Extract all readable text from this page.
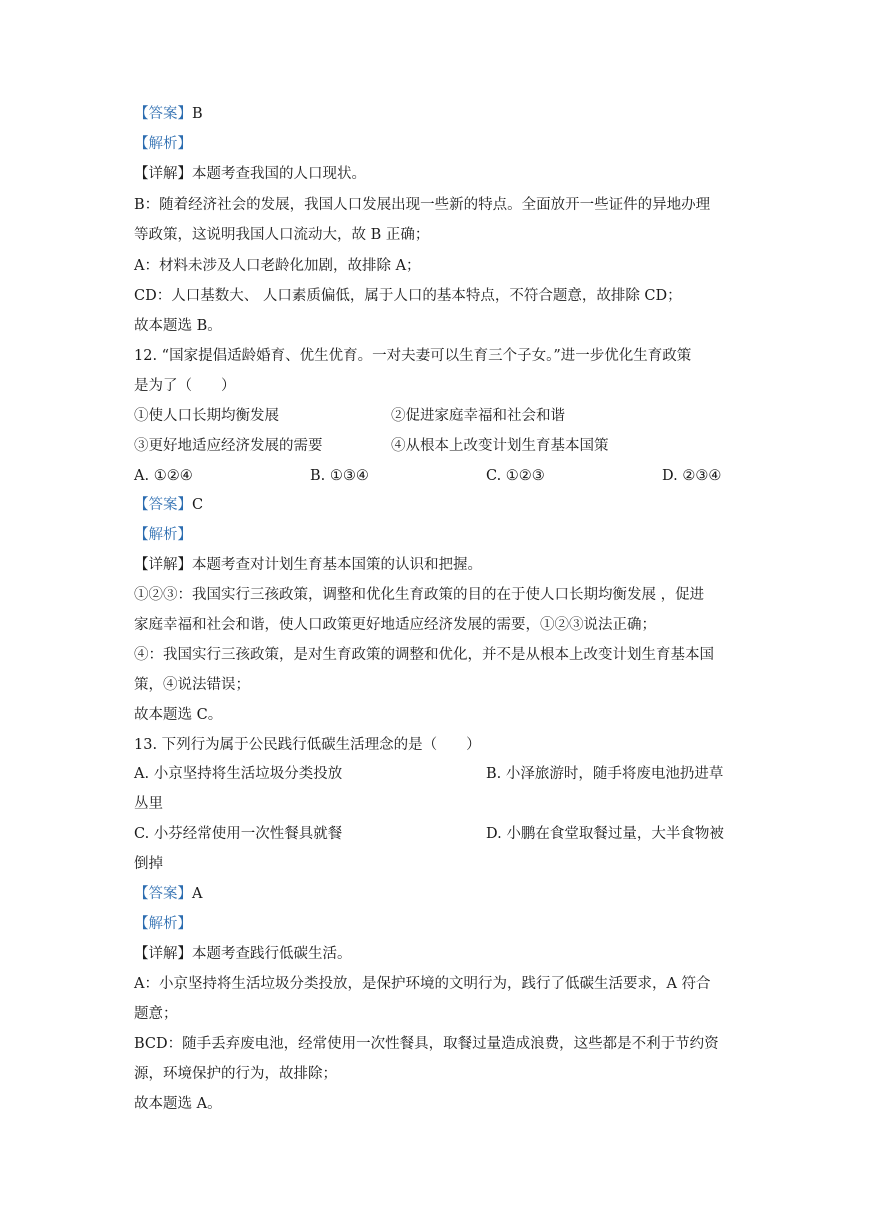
【答案】B
【解析】
【详解】本题考查我国的人口现状。
B：随着经济社会的发展，我国人口发展出现一些新的特点。全面放开一些证件的异地办理
等政策，这说明我国人口流动大，故 B 正确；
A：材料未涉及人口老龄化加剧，故排除 A；
CD：人口基数大、 人口素质偏低，属于人口的基本特点，不符合题意，故排除 CD；
故本题选 B。
12. “国家提倡适龄婚育、优生优育。一对夫妻可以生育三个子女。”进一步优化生育政策
是为了（　　）
①使人口长期均衡发展	②促进家庭幸福和社会和谐
③更好地适应经济发展的需要	④从根本上改变计划生育基本国策
A. ①②④	B. ①③④	C. ①②③	D. ②③④
【答案】C
【解析】
【详解】本题考查对计划生育基本国策的认识和把握。
①②③：我国实行三孩政策，调整和优化生育政策的目的在于使人口长期均衡发展 ，促进
家庭幸福和社会和谐，使人口政策更好地适应经济发展的需要，①②③说法正确；
④：我国实行三孩政策，是对生育政策的调整和优化，并不是从根本上改变计划生育基本国
策，④说法错误；
故本题选 C。
13. 下列行为属于公民践行低碳生活理念的是（　　）
A. 小京坚持将生活垃圾分类投放	B. 小泽旅游时，随手将废电池扔进草
丛里
C. 小芬经常使用一次性餐具就餐	D. 小鹏在食堂取餐过量，大半食物被
倒掉
【答案】A
【解析】
【详解】本题考查践行低碳生活。
A：小京坚持将生活垃圾分类投放，是保护环境的文明行为，践行了低碳生活要求，A 符合
题意；
BCD：随手丢弃废电池，经常使用一次性餐具，取餐过量造成浪费，这些都是不利于节约资
源，环境保护的行为，故排除；
故本题选 A。
